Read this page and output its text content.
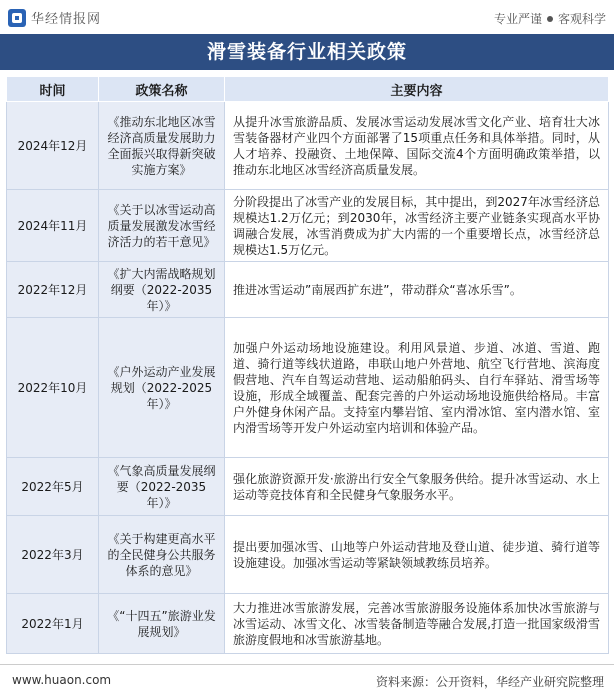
华经情报网	专业严谨 客观科学
滑雪装备行业相关政策
时间	政策名称	主要内容
2024年12月	《推动东北地区冰雪经济高质量发展助力全面振兴取得新突破实施方案》	从提升冰雪旅游品质、发展冰雪运动发展冰雪文化产业、培育壮大冰雪装备器材产业四个方面部署了15项重点任务和具体举措。同时，从人才培养、投融资、土地保障、国际交流4个方面明确政策举措，以推动东北地区冰雪经济高质量发展。
2024年11月	《关于以冰雪运动高质量发展激发冰雪经济活力的若干意见》	分阶段提出了冰雪产业的发展目标，其中提出，到2027年冰雪经济总规模达1.2万亿元；到2030年，冰雪经济主要产业链条实现高水平协调融合发展，冰雪消费成为扩大内需的一个重要增长点，冰雪经济总规模达1.5万亿元。
2022年12月	《扩大内需战略规划纲要（2022-2035年）》	推进冰雪运动”南展西扩东进”，带动群众“喜冰乐雪”。
2022年10月	《户外运动产业发展规划（2022-2025年）》	加强户外运动场地设施建设。利用风景道、步道、冰道、雪道、跑道、骑行道等线状道路，串联山地户外营地、航空飞行营地、滨海度假营地、汽车自驾运动营地、运动船舶码头、自行车驿站、滑雪场等设施，形成全域覆盖、配套完善的户外运动场地设施供给格局。丰富户外健身休闲产品。支持室内攀岩馆、室内滑冰馆、室内潜水馆、室内滑雪场等开发户外运动室内培训和体验产品。
2022年5月	《气象高质量发展纲要（2022-2035年）》	强化旅游资源开发·旅游出行安全气象服务供给。提升冰雪运动、水上运动等竞技体育和全民健身气象服务水平。
2022年3月	《关于构建更高水平的全民健身公共服务体系的意见》	提出要加强冰雪、山地等户外运动营地及登山道、徒步道、骑行道等设施建设。加强冰雪运动等紧缺领域教练员培养。
2022年1月	《“十四五”旅游业发展规划》	大力推进冰雪旅游发展，完善冰雪旅游服务设施体系加快冰雪旅游与冰雪运动、冰雪文化、冰雪装备制造等融合发展,打造一批国家级滑雪旅游度假地和冰雪旅游基地。
www.huaon.com	资料来源：公开资料，华经产业研究院整理
